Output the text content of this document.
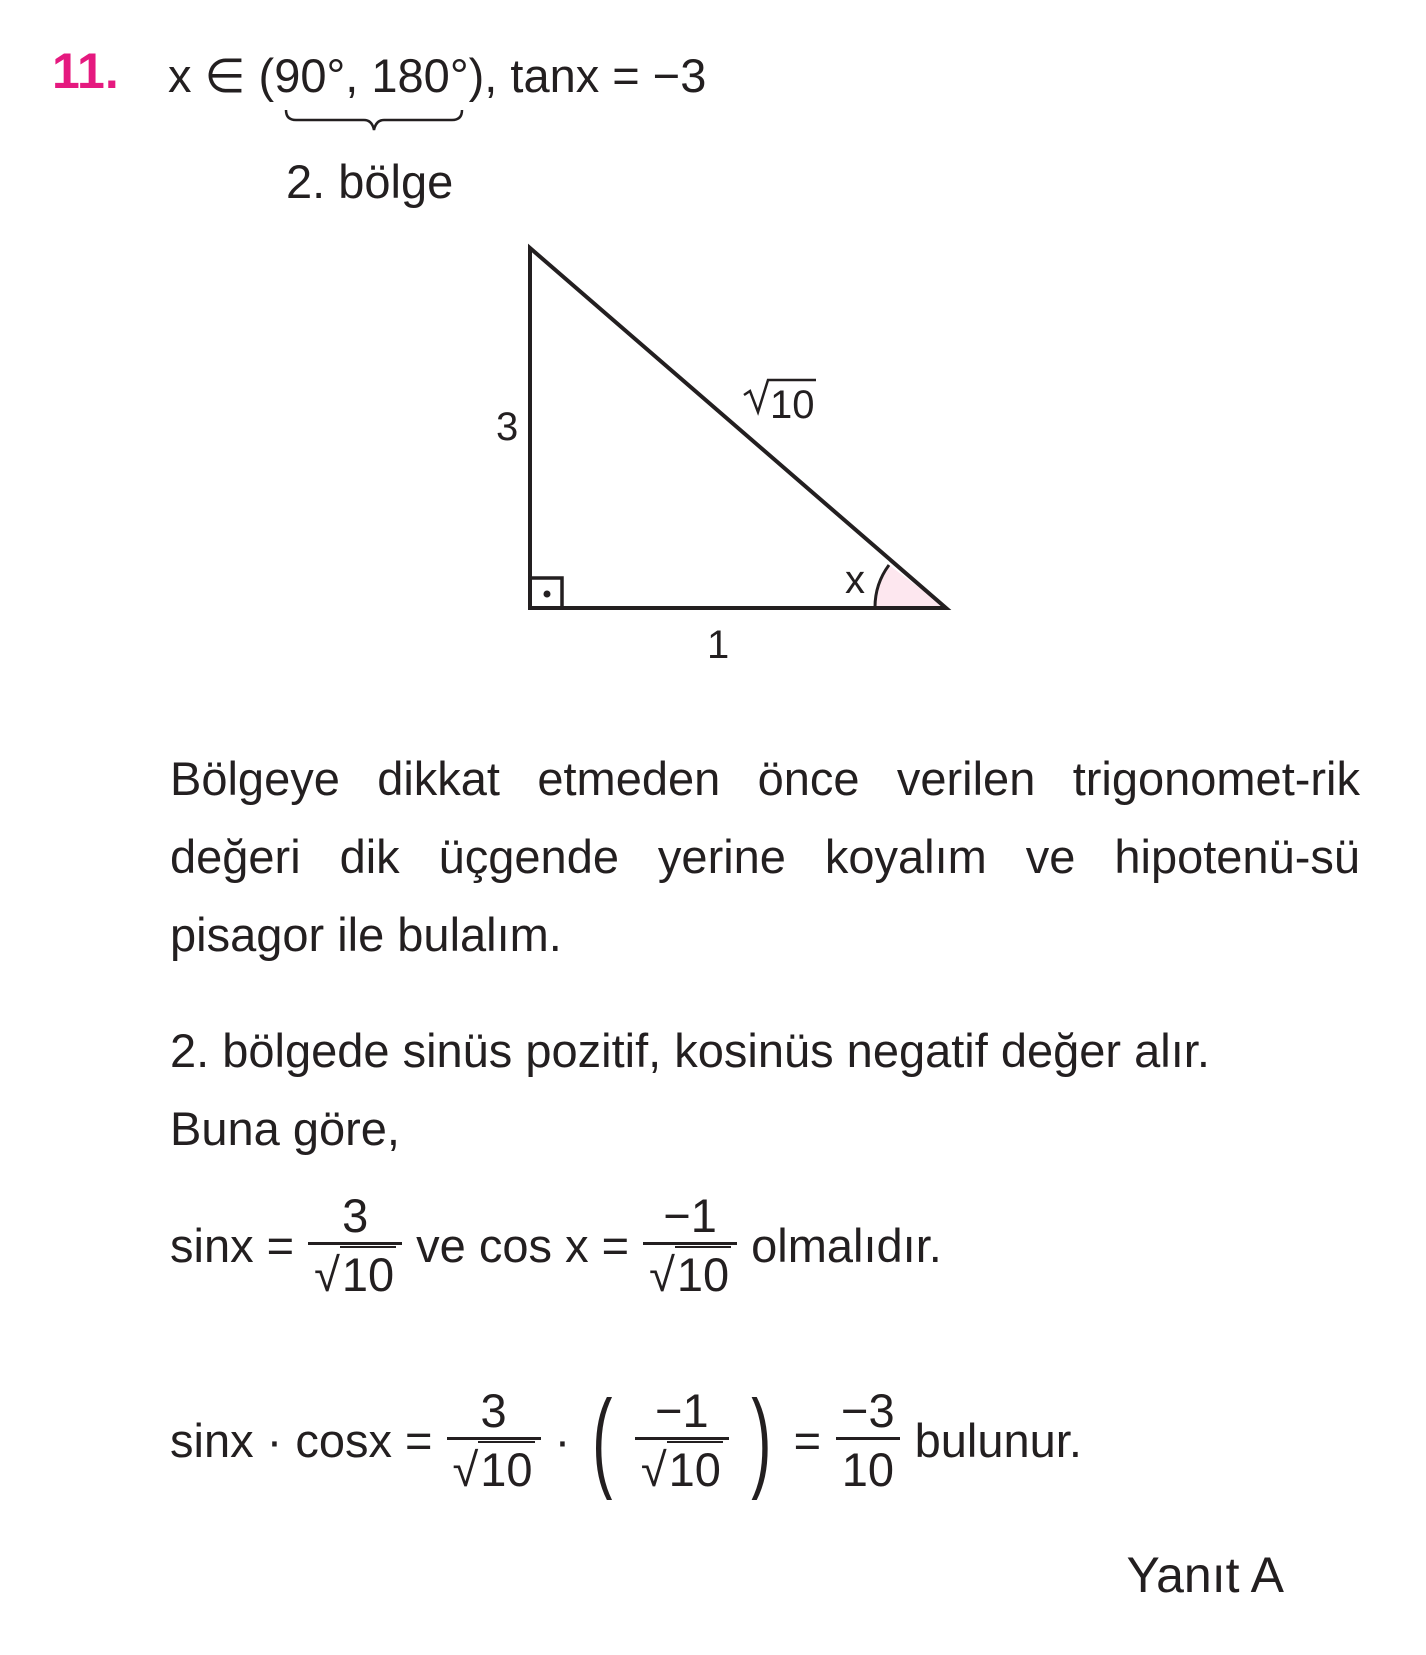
11. x ∈ (90°, 180°), tanx = −3
2. bölge
3
1
10
x
Bölgeye dikkat etmeden önce verilen trigonomet-rik değeri dik üçgende yerine koyalım ve hipotenü-sü pisagor ile bulalım.
2. bölgede sinüs pozitif, kosinüs negatif değer alır.
Buna göre,
$\sin x = \frac{3}{√10}$ ve $\cos x = \frac{-1}{√10}$ olmalıdır.
$\sin x \cdot \cos x = \frac{3}{√10}$ · ( $\frac{-1}{√10}$ ) = $\frac{-3}{10}$ bulunur.
Yanıt A
